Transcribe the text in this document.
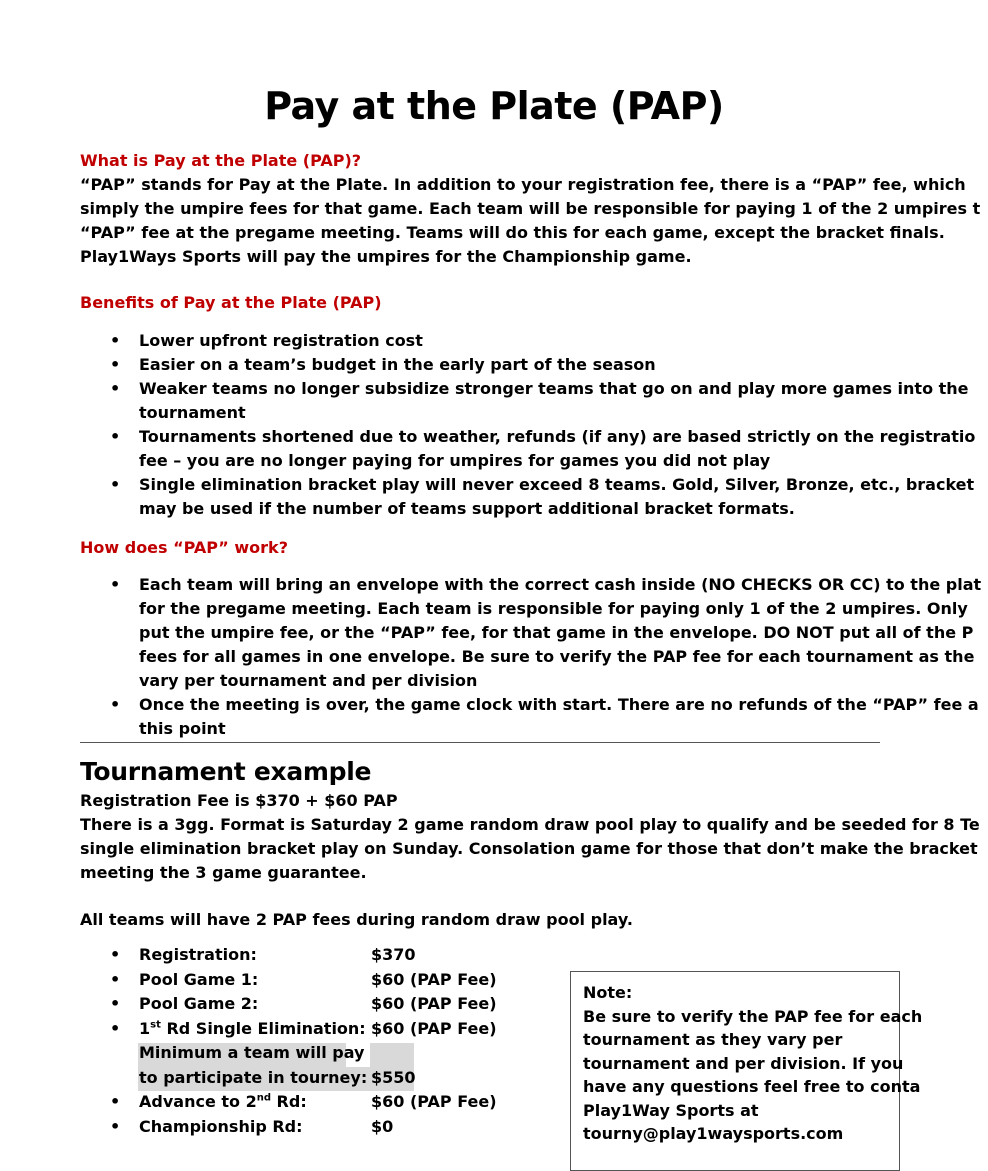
Pay at the Plate (PAP)
What is Pay at the Plate (PAP)?
“PAP” stands for Pay at the Plate. In addition to your registration fee, there is a “PAP” fee, which
simply the umpire fees for that game. Each team will be responsible for paying 1 of the 2 umpires t
“PAP” fee at the pregame meeting. Teams will do this for each game, except the bracket finals.
Play1Ways Sports will pay the umpires for the Championship game.
Benefits of Pay at the Plate (PAP)
• Lower upfront registration cost
• Easier on a team’s budget in the early part of the season
• Weaker teams no longer subsidize stronger teams that go on and play more games into the
tournament
• Tournaments shortened due to weather, refunds (if any) are based strictly on the registratio
fee – you are no longer paying for umpires for games you did not play
• Single elimination bracket play will never exceed 8 teams. Gold, Silver, Bronze, etc., bracket
may be used if the number of teams support additional bracket formats.
How does “PAP” work?
• Each team will bring an envelope with the correct cash inside (NO CHECKS OR CC) to the plat
for the pregame meeting. Each team is responsible for paying only 1 of the 2 umpires. Only
put the umpire fee, or the “PAP” fee, for that game in the envelope. DO NOT put all of the P
fees for all games in one envelope. Be sure to verify the PAP fee for each tournament as the
vary per tournament and per division
• Once the meeting is over, the game clock with start. There are no refunds of the “PAP” fee a
this point
Tournament example
Registration Fee is $370 + $60 PAP
There is a 3gg. Format is Saturday 2 game random draw pool play to qualify and be seeded for 8 Te
single elimination bracket play on Sunday. Consolation game for those that don’t make the bracket
meeting the 3 game guarantee.
All teams will have 2 PAP fees during random draw pool play.
• Registration:	$370
• Pool Game 1:	$60 (PAP Fee)
• Pool Game 2:	$60 (PAP Fee)
• 1st Rd Single Elimination: $60 (PAP Fee)
Minimum a team will pay
to participate in tourney: $550
• Advance to 2nd Rd:	$60 (PAP Fee)
• Championship Rd:	$0
Note:
Be sure to verify the PAP fee for each
tournament as they vary per
tournament and per division. If you
have any questions feel free to conta
Play1Way Sports at
tourny@play1waysports.com
